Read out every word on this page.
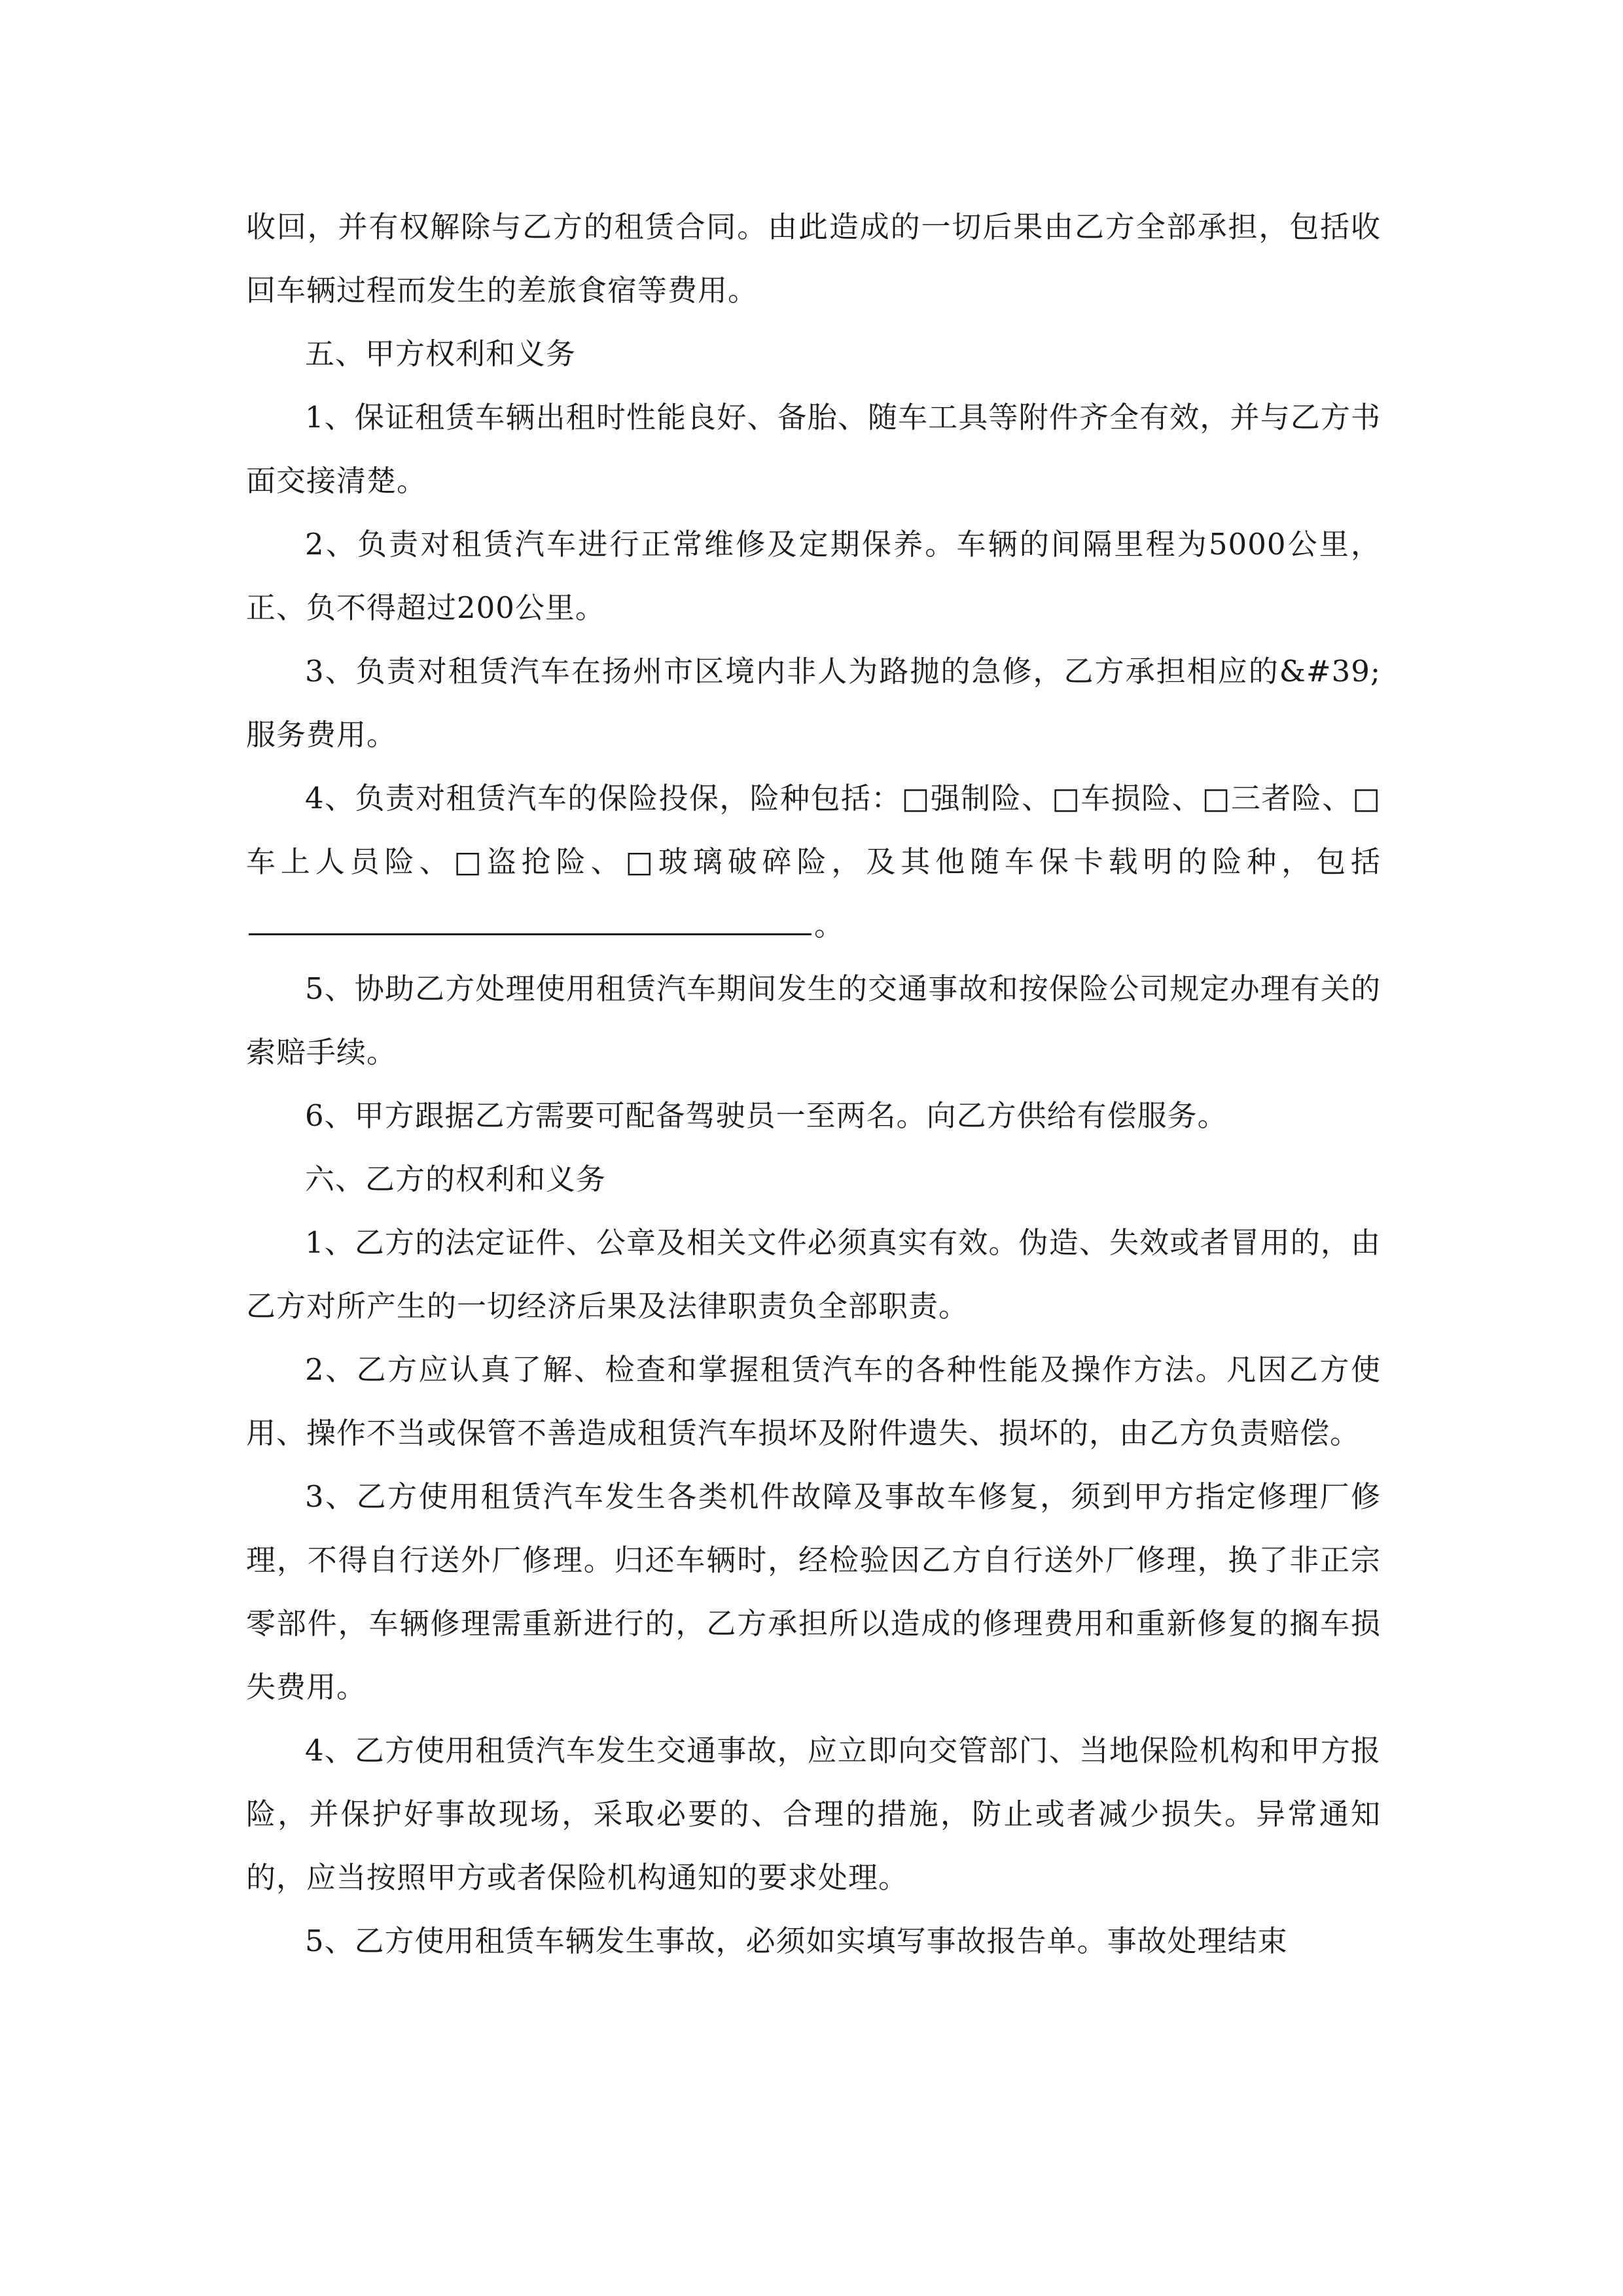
收回，并有权解除与乙方的租赁合同。由此造成的一切后果由乙方全部承担，包括收回车辆过程而发生的差旅食宿等费用。

五、甲方权利和义务

1、保证租赁车辆出租时性能良好、备胎、随车工具等附件齐全有效，并与乙方书面交接清楚。

2、负责对租赁汽车进行正常维修及定期保养。车辆的间隔里程为5000公里，正、负不得超过200公里。

3、负责对租赁汽车在扬州市区境内非人为路抛的急修，乙方承担相应的&#39;服务费用。

4、负责对租赁汽车的保险投保，险种包括：□强制险、□车损险、□三者险、□车上人员险、□盗抢险、□玻璃破碎险，及其他随车保卡载明的险种，包括。

5、协助乙方处理使用租赁汽车期间发生的交通事故和按保险公司规定办理有关的索赔手续。

6、甲方跟据乙方需要可配备驾驶员一至两名。向乙方供给有偿服务。

六、乙方的权利和义务

1、乙方的法定证件、公章及相关文件必须真实有效。伪造、失效或者冒用的，由乙方对所产生的一切经济后果及法律职责负全部职责。

2、乙方应认真了解、检查和掌握租赁汽车的各种性能及操作方法。凡因乙方使用、操作不当或保管不善造成租赁汽车损坏及附件遗失、损坏的，由乙方负责赔偿。

3、乙方使用租赁汽车发生各类机件故障及事故车修复，须到甲方指定修理厂修理，不得自行送外厂修理。归还车辆时，经检验因乙方自行送外厂修理，换了非正宗零部件，车辆修理需重新进行的，乙方承担所以造成的修理费用和重新修复的搁车损失费用。

4、乙方使用租赁汽车发生交通事故，应立即向交管部门、当地保险机构和甲方报险，并保护好事故现场，采取必要的、合理的措施，防止或者减少损失。异常通知的，应当按照甲方或者保险机构通知的要求处理。

5、乙方使用租赁车辆发生事故，必须如实填写事故报告单。事故处理结束
